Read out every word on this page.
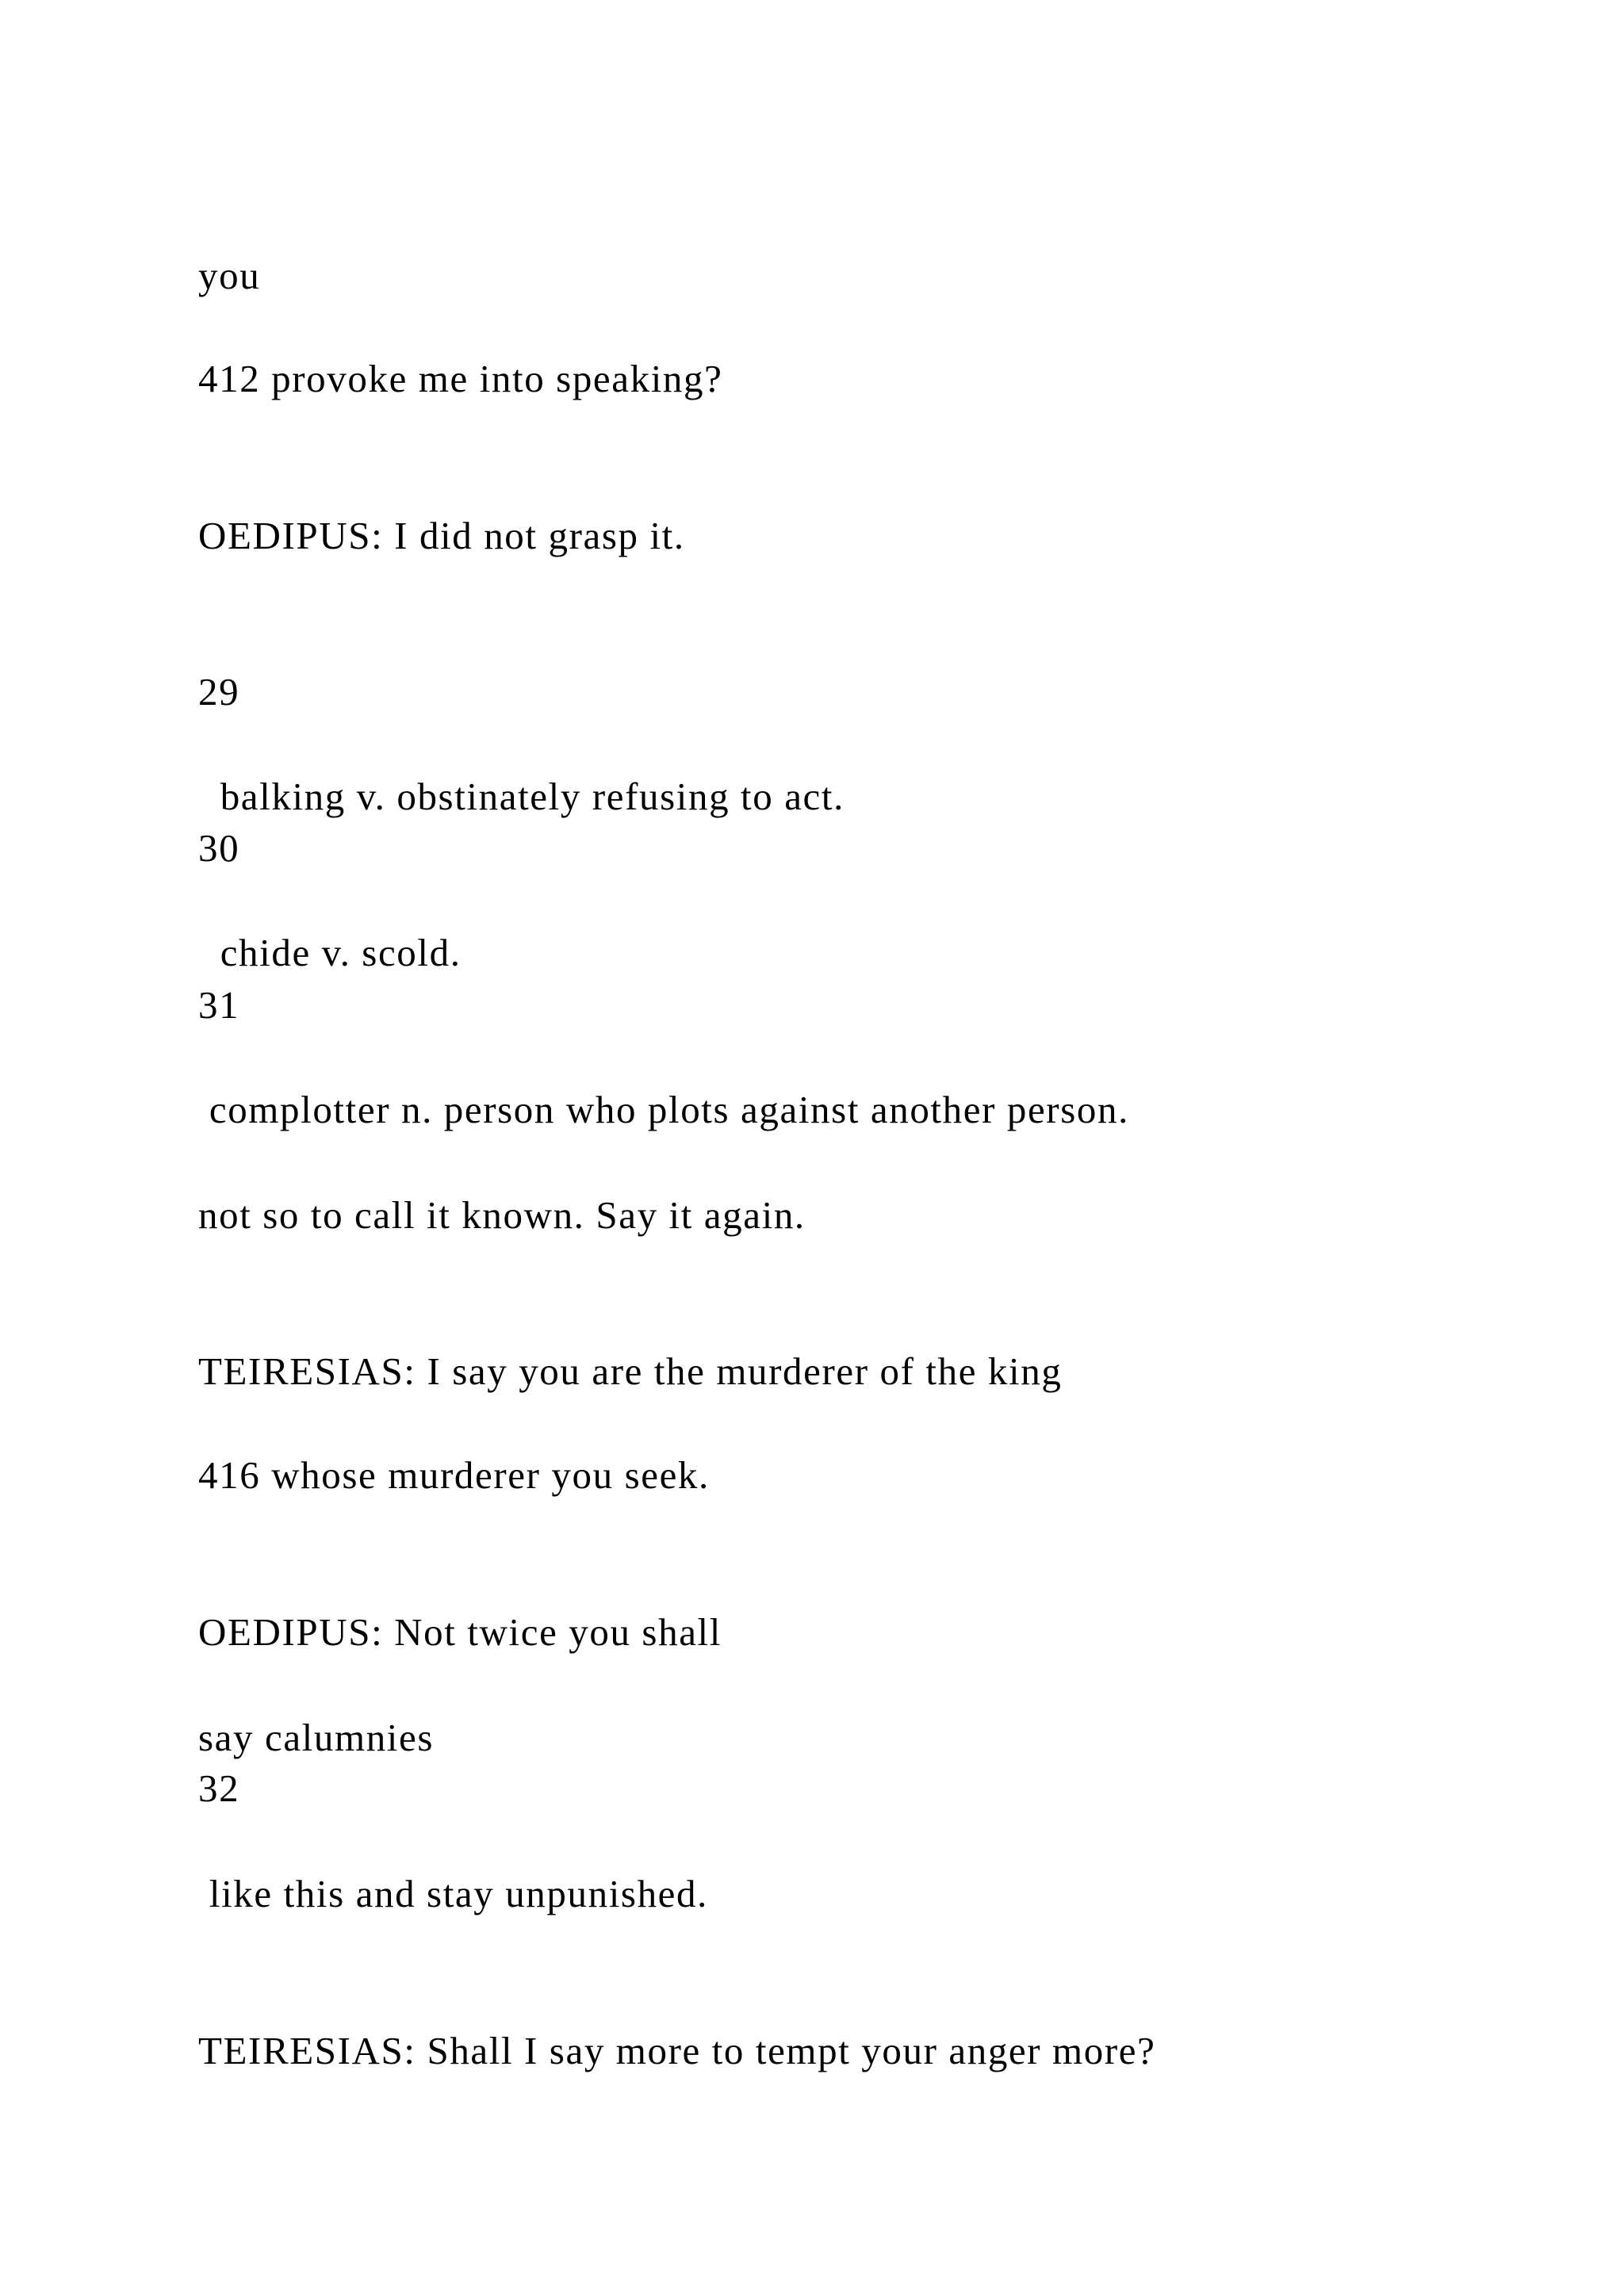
you

412 provoke me into speaking?

OEDIPUS: I did not grasp it.

29

balking v. obstinately refusing to act.

30

chide v. scold.

31

complotter n. person who plots against another person.

not so to call it known. Say it again.

TEIRESIAS: I say you are the murderer of the king

416 whose murderer you seek.

OEDIPUS: Not twice you shall

say calumnies

32

like this and stay unpunished.

TEIRESIAS: Shall I say more to tempt your anger more?
